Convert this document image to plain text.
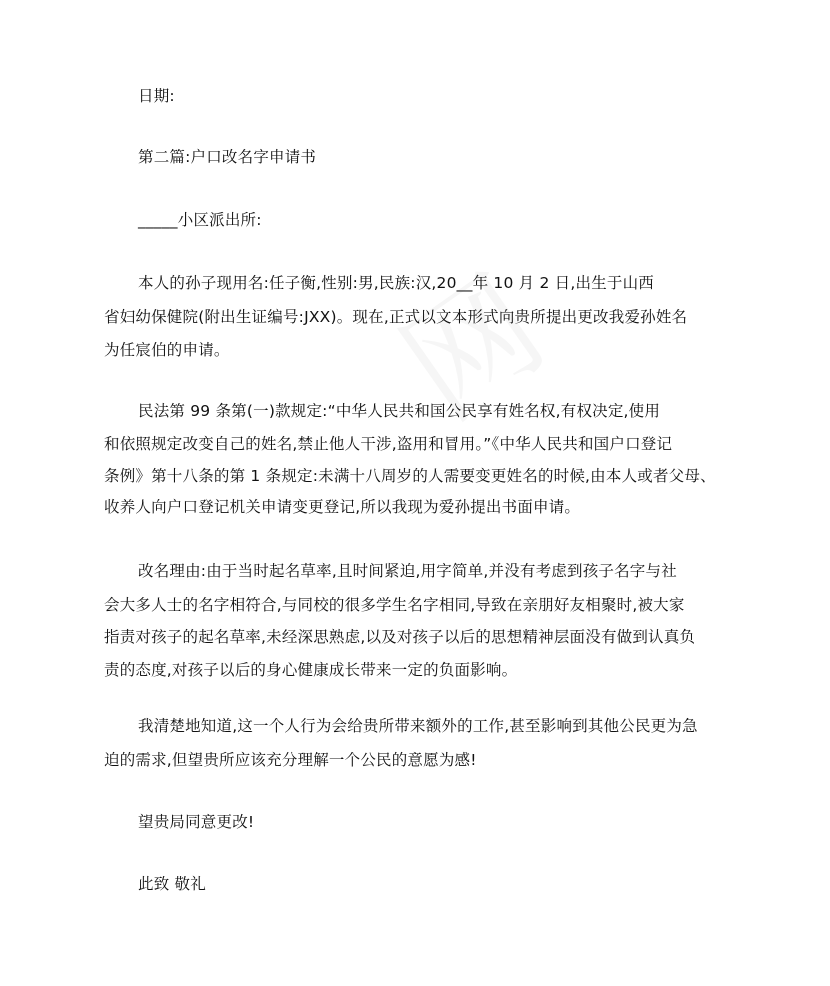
日期:
第二篇:户口改名字申请书
_____小区派出所:
本人的孙子现用名:任子衡,性别:男,民族:汉,20__年 10 月 2 日,出生于山西
省妇幼保健院(附出生证编号:JXX)。现在,正式以文本形式向贵所提出更改我爱孙姓名
为任宸伯的申请。
民法第 99 条第(一)款规定:“中华人民共和国公民享有姓名权,有权决定,使用
和依照规定改变自己的姓名,禁止他人干涉,盗用和冒用。”《中华人民共和国户口登记
条例》第十八条的第 1 条规定:未满十八周岁的人需要变更姓名的时候,由本人或者父母、
收养人向户口登记机关申请变更登记,所以我现为爱孙提出书面申请。
改名理由:由于当时起名草率,且时间紧迫,用字简单,并没有考虑到孩子名字与社
会大多人士的名字相符合,与同校的很多学生名字相同,导致在亲朋好友相聚时,被大家
指责对孩子的起名草率,未经深思熟虑,以及对孩子以后的思想精神层面没有做到认真负
责的态度,对孩子以后的身心健康成长带来一定的负面影响。
我清楚地知道,这一个人行为会给贵所带来额外的工作,甚至影响到其他公民更为急
迫的需求,但望贵所应该充分理解一个公民的意愿为感!
望贵局同意更改!
此致 敬礼
